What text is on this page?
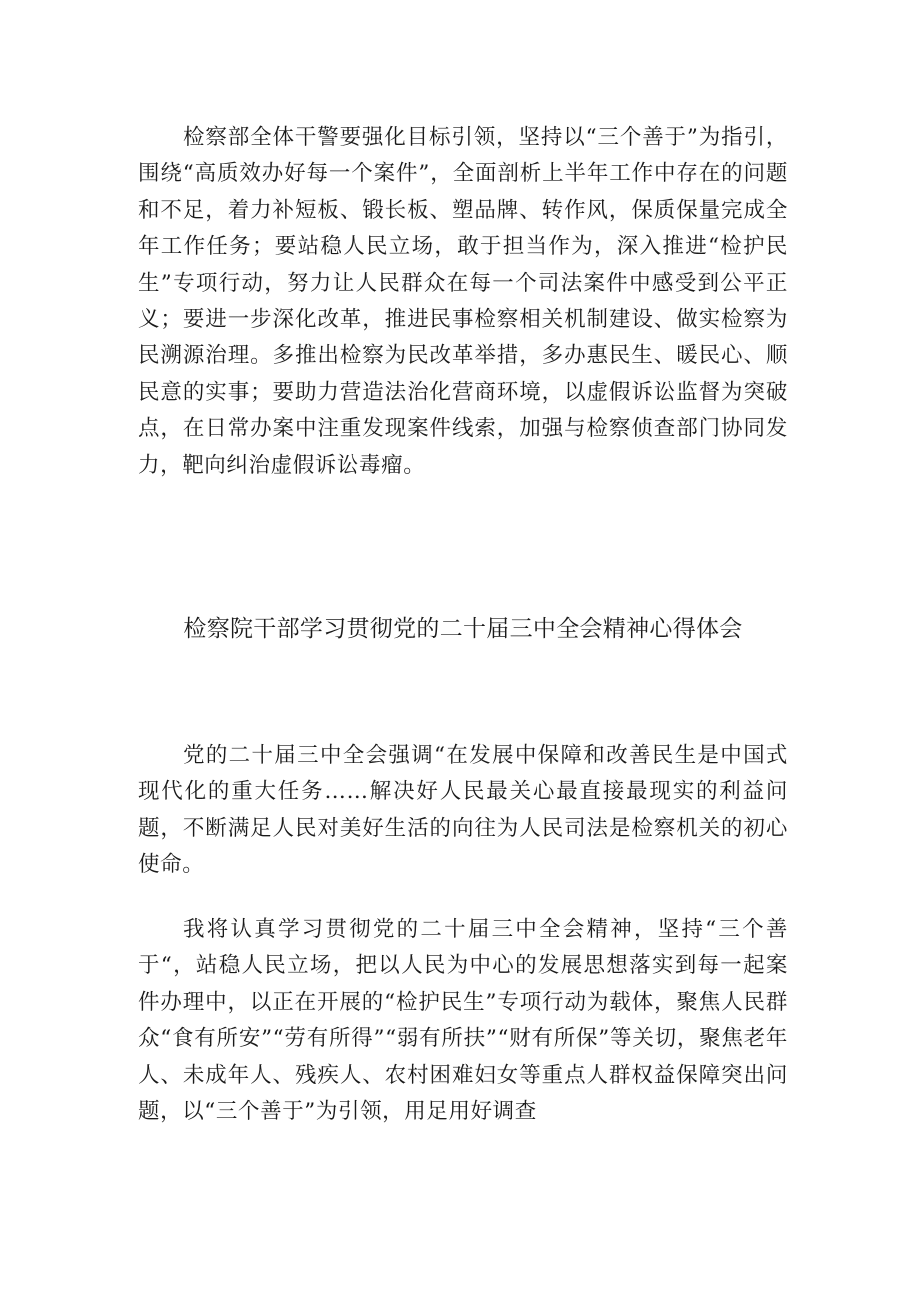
检察部全体干警要强化目标引领，坚持以“三个善于”为指引，围绕“高质效办好每一个案件”，全面剖析上半年工作中存在的问题和不足，着力补短板、锻长板、塑品牌、转作风，保质保量完成全年工作任务；要站稳人民立场，敢于担当作为，深入推进“检护民生”专项行动，努力让人民群众在每一个司法案件中感受到公平正义；要进一步深化改革，推进民事检察相关机制建设、做实检察为民溯源治理。多推出检察为民改革举措，多办惠民生、暖民心、顺民意的实事；要助力营造法治化营商环境，以虚假诉讼监督为突破点，在日常办案中注重发现案件线索，加强与检察侦查部门协同发力，靶向纠治虚假诉讼毒瘤。

检察院干部学习贯彻党的二十届三中全会精神心得体会

党的二十届三中全会强调“在发展中保障和改善民生是中国式现代化的重大任务……解决好人民最关心最直接最现实的利益问题，不断满足人民对美好生活的向往为人民司法是检察机关的初心使命。

我将认真学习贯彻党的二十届三中全会精神，坚持“三个善于“，站稳人民立场，把以人民为中心的发展思想落实到每一起案件办理中，以正在开展的“检护民生”专项行动为载体，聚焦人民群众“食有所安”“劳有所得”“弱有所扶”“财有所保”等关切，聚焦老年人、未成年人、残疾人、农村困难妇女等重点人群权益保障突出问题，以“三个善于”为引领，用足用好调查
